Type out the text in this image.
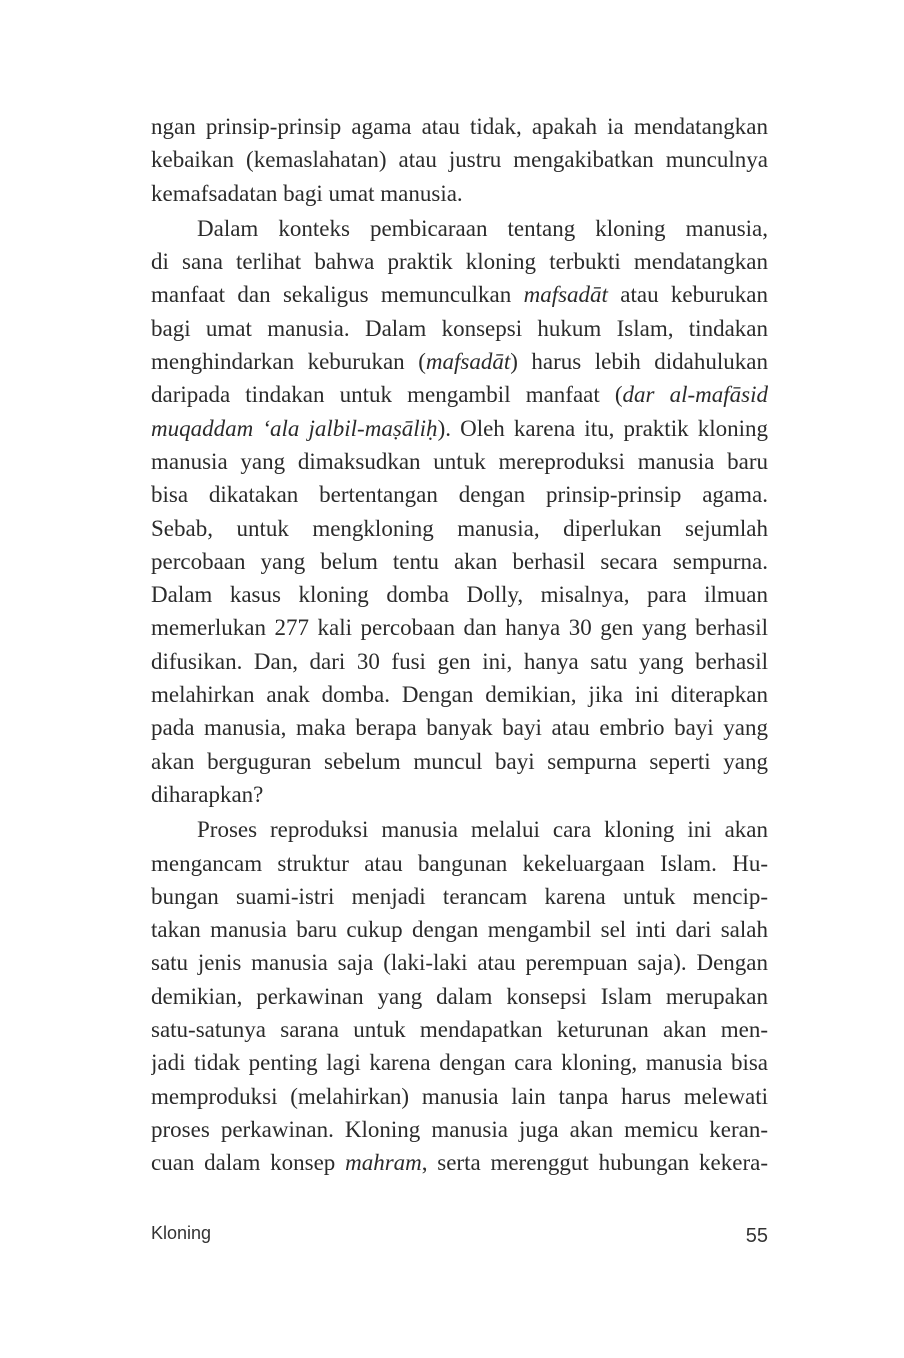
ngan prinsip-prinsip agama atau tidak, apakah ia mendatangkan
kebaikan (kemaslahatan) atau justru mengakibatkan munculnya
kemafsadatan bagi umat manusia.
Dalam konteks pembicaraan tentang kloning manusia,
di sana terlihat bahwa praktik kloning terbukti mendatangkan
manfaat dan sekaligus memunculkan mafsadāt atau keburukan
bagi umat manusia. Dalam konsepsi hukum Islam, tindakan
menghindarkan keburukan (mafsadāt) harus lebih didahulukan
daripada tindakan untuk mengambil manfaat (dar al-mafāsid
muqaddam ‘ala jalbil-maṣāliḥ). Oleh karena itu, praktik kloning
manusia yang dimaksudkan untuk mereproduksi manusia baru
bisa dikatakan bertentangan dengan prinsip-prinsip agama.
Sebab, untuk mengkloning manusia, diperlukan sejumlah
percobaan yang belum tentu akan berhasil secara sempurna.
Dalam kasus kloning domba Dolly, misalnya, para ilmuan
memerlukan 277 kali percobaan dan hanya 30 gen yang berhasil
difusikan. Dan, dari 30 fusi gen ini, hanya satu yang berhasil
melahirkan anak domba. Dengan demikian, jika ini diterapkan
pada manusia, maka berapa banyak bayi atau embrio bayi yang
akan berguguran sebelum muncul bayi sempurna seperti yang
diharapkan?
Proses reproduksi manusia melalui cara kloning ini akan
mengancam struktur atau bangunan kekeluargaan Islam. Hu-
bungan suami-istri menjadi terancam karena untuk mencip-
takan manusia baru cukup dengan mengambil sel inti dari salah
satu jenis manusia saja (laki-laki atau perempuan saja). Dengan
demikian, perkawinan yang dalam konsepsi Islam merupakan
satu-satunya sarana untuk mendapatkan keturunan akan men-
jadi tidak penting lagi karena dengan cara kloning, manusia bisa
memproduksi (melahirkan) manusia lain tanpa harus melewati
proses perkawinan. Kloning manusia juga akan memicu keran-
cuan dalam konsep mahram, serta merenggut hubungan kekera-
Kloning	55
